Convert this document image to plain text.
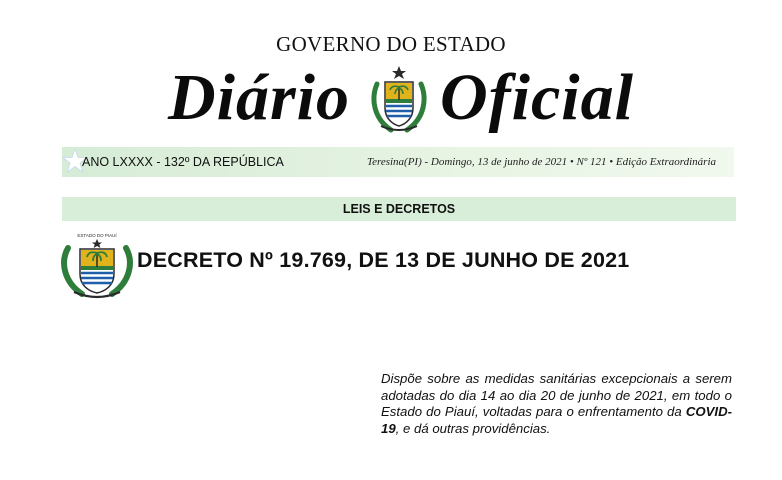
GOVERNO DO ESTADO
Diário Oficial
ANO LXXXX - 132º DA REPÚBLICA	Teresina(PI) - Domingo, 13 de junho de 2021 • Nº 121 • Edição Extraordinária
LEIS E DECRETOS
ESTADO DO PIAUÍ
DECRETO Nº 19.769, DE 13 DE JUNHO DE 2021
Dispõe sobre as medidas sanitárias excepcionais a serem adotadas do dia 14 ao dia 20 de junho de 2021, em todo o Estado do Piauí, voltadas para o enfrentamento da COVID-19, e dá outras providências.
